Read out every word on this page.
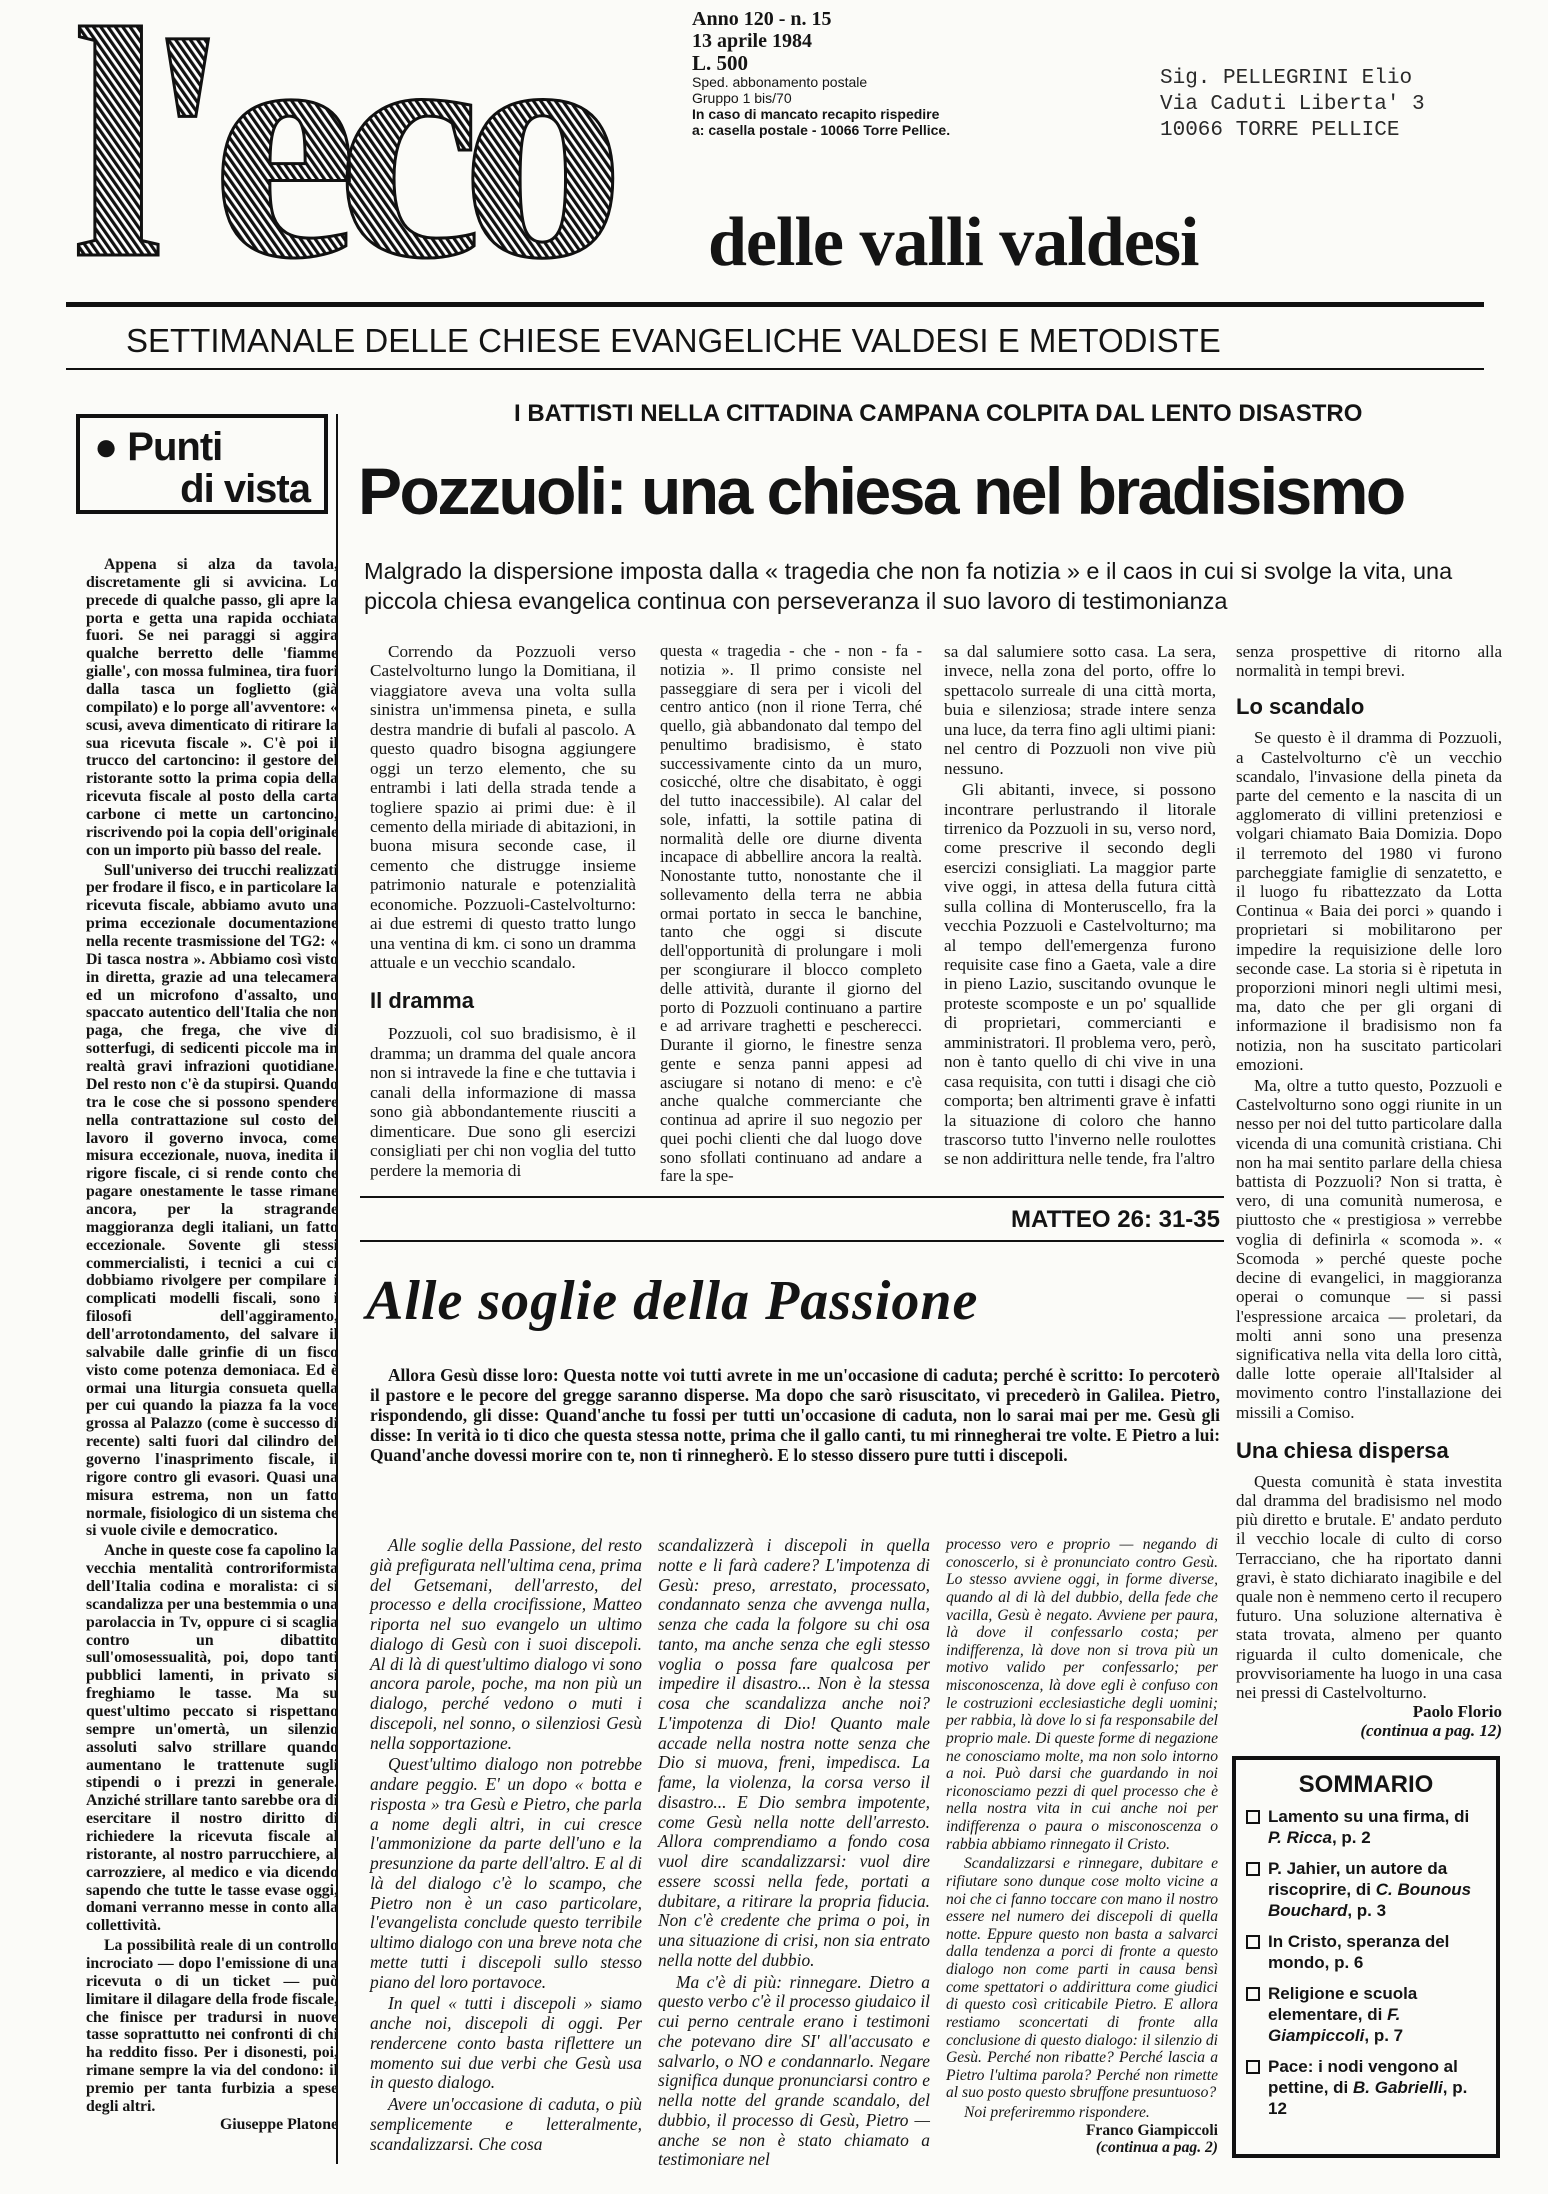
l'eco	Anno 120 - n. 15
13 aprile 1984
L. 500
Sped. abbonamento postale
Gruppo 1 bis/70
In caso di mancato recapito rispedire
a: casella postale - 10066 Torre Pellice.
Sig. PELLEGRINI Elio
Via Caduti Liberta' 3
10066 TORRE PELLICE
delle valli valdesi
SETTIMANALE DELLE CHIESE EVANGELICHE VALDESI E METODISTE
● Punti
di vista

Appena si alza da tavola, discretamente gli si avvicina. Lo precede di qualche passo, gli apre la porta e getta una rapida occhiata fuori. Se nei paraggi si aggira qualche berretto delle 'fiamme gialle', con mossa fulminea, tira fuori dalla tasca un foglietto (già compilato) e lo porge all'avventore: « scusi, aveva dimenticato di ritirare la sua ricevuta fiscale ». C'è poi il trucco del cartoncino: il gestore del ristorante sotto la prima copia della ricevuta fiscale al posto della carta carbone ci mette un cartoncino, riscrivendo poi la copia dell'originale con un importo più basso del reale.

Sull'universo dei trucchi realizzati per frodare il fisco, e in particolare la ricevuta fiscale, abbiamo avuto una prima eccezionale documentazione nella recente trasmissione del TG2: « Di tasca nostra ». Abbiamo così visto in diretta, grazie ad una telecamera ed un microfono d'assalto, uno spaccato autentico dell'Italia che non paga, che frega, che vive di sotterfugi, di sedicenti piccole ma in realtà gravi infrazioni quotidiane. Del resto non c'è da stupirsi. Quando tra le cose che si possono spendere nella contrattazione sul costo del lavoro il governo invoca, come misura eccezionale, nuova, inedita il rigore fiscale, ci si rende conto che pagare onestamente le tasse rimane ancora, per la stragrande maggioranza degli italiani, un fatto eccezionale. Sovente gli stessi commercialisti, i tecnici a cui ci dobbiamo rivolgere per compilare i complicati modelli fiscali, sono i filosofi dell'aggiramento, dell'arrotondamento, del salvare il salvabile dalle grinfie di un fisco visto come potenza demoniaca. Ed è ormai una liturgia consueta quella per cui quando la piazza fa la voce grossa al Palazzo (come è successo di recente) salti fuori dal cilindro del governo l'inasprimento fiscale, il rigore contro gli evasori. Quasi una misura estrema, non un fatto normale, fisiologico di un sistema che si vuole civile e democratico.

Anche in queste cose fa capolino la vecchia mentalità controriformista dell'Italia codina e moralista: ci si scandalizza per una bestemmia o una parolaccia in Tv, oppure ci si scaglia contro un dibattito sull'omosessualità, poi, dopo tanti pubblici lamenti, in privato si freghiamo le tasse. Ma su quest'ultimo peccato si rispettano sempre un'omertà, un silenzio assoluti salvo strillare quando aumentano le trattenute sugli stipendi o i prezzi in generale. Anziché strillare tanto sarebbe ora di esercitare il nostro diritto di richiedere la ricevuta fiscale al ristorante, al nostro parrucchiere, al carrozziere, al medico e via dicendo sapendo che tutte le tasse evase oggi, domani verranno messe in conto alla collettività.

La possibilità reale di un controllo incrociato — dopo l'emissione di una ricevuta o di un ticket — può limitare il dilagare della frode fiscale, che finisce per tradursi in nuove tasse soprattutto nei confronti di chi ha reddito fisso. Per i disonesti, poi, rimane sempre la via del condono: il premio per tanta furbizia a spese degli altri.

Giuseppe Platone
I BATTISTI NELLA CITTADINA CAMPANA COLPITA DAL LENTO DISASTRO
Pozzuoli: una chiesa nel bradisismo
Malgrado la dispersione imposta dalla « tragedia che non fa notizia » e il caos in cui si svolge la vita, una piccola chiesa evangelica continua con perseveranza il suo lavoro di testimonianza

Correndo da Pozzuoli verso Castelvolturno lungo la Domitiana, il viaggiatore aveva una volta sulla sinistra un'immensa pineta, e sulla destra mandrie di bufali al pascolo. A questo quadro bisogna aggiungere oggi un terzo elemento, che su entrambi i lati della strada tende a togliere spazio ai primi due: è il cemento della miriade di abitazioni, in buona misura seconde case, il cemento che distrugge insieme patrimonio naturale e potenzialità economiche. Pozzuoli-Castelvolturno: ai due estremi di questo tratto lungo una ventina di km. ci sono un dramma attuale e un vecchio scandalo.

Il dramma

Pozzuoli, col suo bradisismo, è il dramma; un dramma del quale ancora non si intravede la fine e che tuttavia i canali della informazione di massa sono già abbondantemente riusciti a dimenticare. Due sono gli esercizi consigliati per chi non voglia del tutto perdere la memoria di

questa « tragedia - che - non - fa - notizia ». Il primo consiste nel passeggiare di sera per i vicoli del centro antico (non il rione Terra, ché quello, già abbandonato dal tempo del penultimo bradisismo, è stato successivamente cinto da un muro, cosicché, oltre che disabitato, è oggi del tutto inaccessibile). Al calar del sole, infatti, la sottile patina di normalità delle ore diurne diventa incapace di abbellire ancora la realtà. Nonostante tutto, nonostante che il sollevamento della terra ne abbia ormai portato in secca le banchine, tanto che oggi si discute dell'opportunità di prolungare i moli per scongiurare il blocco completo delle attività, durante il giorno del porto di Pozzuoli continuano a partire e ad arrivare traghetti e pescherecci. Durante il giorno, le finestre senza gente e senza panni appesi ad asciugare si notano di meno: e c'è anche qualche commerciante che continua ad aprire il suo negozio per quei pochi clienti che dal luogo dove sono sfollati continuano ad andare a fare la spe-

sa dal salumiere sotto casa. La sera, invece, nella zona del porto, offre lo spettacolo surreale di una città morta, buia e silenziosa; strade intere senza una luce, da terra fino agli ultimi piani: nel centro di Pozzuoli non vive più nessuno.

Gli abitanti, invece, si possono incontrare perlustrando il litorale tirrenico da Pozzuoli in su, verso nord, come prescrive il secondo degli esercizi consigliati. La maggior parte vive oggi, in attesa della futura città sulla collina di Monteruscello, fra la vecchia Pozzuoli e Castelvolturno; ma al tempo dell'emergenza furono requisite case fino a Gaeta, vale a dire in pieno Lazio, suscitando ovunque le proteste scomposte e un po' squallide di proprietari, commercianti e amministratori. Il problema vero, però, non è tanto quello di chi vive in una casa requisita, con tutti i disagi che ciò comporta; ben altrimenti grave è infatti la situazione di coloro che hanno trascorso tutto l'inverno nelle roulottes se non addirittura nelle tende, fra l'altro

senza prospettive di ritorno alla normalità in tempi brevi.

Lo scandalo

Se questo è il dramma di Pozzuoli, a Castelvolturno c'è un vecchio scandalo, l'invasione della pineta da parte del cemento e la nascita di un agglomerato di villini pretenziosi e volgari chiamato Baia Domizia. Dopo il terremoto del 1980 vi furono parcheggiate famiglie di senzatetto, e il luogo fu ribattezzato da Lotta Continua « Baia dei porci » quando i proprietari si mobilitarono per impedire la requisizione delle loro seconde case. La storia si è ripetuta in proporzioni minori negli ultimi mesi, ma, dato che per gli organi di informazione il bradisismo non fa notizia, non ha suscitato particolari emozioni.

Ma, oltre a tutto questo, Pozzuoli e Castelvolturno sono oggi riunite in un nesso per noi del tutto particolare dalla vicenda di una comunità cristiana. Chi non ha mai sentito parlare della chiesa battista di Pozzuoli? Non si tratta, è vero, di una comunità numerosa, e piuttosto che « prestigiosa » verrebbe voglia di definirla « scomoda ». « Scomoda » perché queste poche decine di evangelici, in maggioranza operai o comunque — si passi l'espressione arcaica — proletari, da molti anni sono una presenza significativa nella vita della loro città, dalle lotte operaie all'Italsider al movimento contro l'installazione dei missili a Comiso.

Una chiesa dispersa

Questa comunità è stata investita dal dramma del bradisismo nel modo più diretto e brutale. E' andato perduto il vecchio locale di culto di corso Terracciano, che ha riportato danni gravi, è stato dichiarato inagibile e del quale non è nemmeno certo il recupero futuro. Una soluzione alternativa è stata trovata, almeno per quanto riguarda il culto domenicale, che provvisoriamente ha luogo in una casa nei pressi di Castelvolturno.

Paolo Florio
(continua a pag. 12)
MATTEO 26: 31-35
Alle soglie della Passione

Allora Gesù disse loro: Questa notte voi tutti avrete in me un'occasione di caduta; perché è scritto: Io percoterò il pastore e le pecore del gregge saranno disperse. Ma dopo che sarò risuscitato, vi precederò in Galilea. Pietro, rispondendo, gli disse: Quand'anche tu fossi per tutti un'occasione di caduta, non lo sarai mai per me. Gesù gli disse: In verità io ti dico che questa stessa notte, prima che il gallo canti, tu mi rinnegherai tre volte. E Pietro a lui: Quand'anche dovessi morire con te, non ti rinnegherò. E lo stesso dissero pure tutti i discepoli.

Alle soglie della Passione, del resto già prefigurata nell'ultima cena, prima del Getsemani, dell'arresto, del processo e della crocifissione, Matteo riporta nel suo evangelo un ultimo dialogo di Gesù con i suoi discepoli. Al di là di quest'ultimo dialogo vi sono ancora parole, poche, ma non più un dialogo, perché vedono o muti i discepoli, nel sonno, o silenziosi Gesù nella sopportazione.

Quest'ultimo dialogo non potrebbe andare peggio. E' un dopo « botta e risposta » tra Gesù e Pietro, che parla a nome degli altri, in cui cresce l'ammonizione da parte dell'uno e la presunzione da parte dell'altro. E al di là del dialogo c'è lo scampo, che Pietro non è un caso particolare, l'evangelista conclude questo terribile ultimo dialogo con una breve nota che mette tutti i discepoli sullo stesso piano del loro portavoce.

In quel « tutti i discepoli » siamo anche noi, discepoli di oggi. Per rendercene conto basta riflettere un momento sui due verbi che Gesù usa in questo dialogo.

Avere un'occasione di caduta, o più semplicemente e letteralmente, scandalizzarsi. Che cosa

scandalizzerà i discepoli in quella notte e li farà cadere? L'impotenza di Gesù: preso, arrestato, processato, condannato senza che avvenga nulla, senza che cada la folgore su chi osa tanto, ma anche senza che egli stesso voglia o possa fare qualcosa per impedire il disastro... Non è la stessa cosa che scandalizza anche noi? L'impotenza di Dio! Quanto male accade nella nostra notte senza che Dio si muova, freni, impedisca. La fame, la violenza, la corsa verso il disastro... E Dio sembra impotente, come Gesù nella notte dell'arresto. Allora comprendiamo a fondo cosa vuol dire scandalizzarsi: vuol dire essere scossi nella fede, portati a dubitare, a ritirare la propria fiducia. Non c'è credente che prima o poi, in una situazione di crisi, non sia entrato nella notte del dubbio.

Ma c'è di più: rinnegare. Dietro a questo verbo c'è il processo giudaico il cui perno centrale erano i testimoni che potevano dire SI' all'accusato e salvarlo, o NO e condannarlo. Negare significa dunque pronunciarsi contro e nella notte del grande scandalo, del dubbio, il processo di Gesù, Pietro — anche se non è stato chiamato a testimoniare nel

processo vero e proprio — negando di conoscerlo, si è pronunciato contro Gesù. Lo stesso avviene oggi, in forme diverse, quando al di là del dubbio, della fede che vacilla, Gesù è negato. Avviene per paura, là dove il confessarlo costa; per indifferenza, là dove non si trova più un motivo valido per confessarlo; per misconoscenza, là dove egli è confuso con le costruzioni ecclesiastiche degli uomini; per rabbia, là dove lo si fa responsabile del proprio male. Di queste forme di negazione ne conosciamo molte, ma non solo intorno a noi. Può darsi che guardando in noi riconosciamo pezzi di quel processo che è nella nostra vita in cui anche noi per indifferenza o paura o misconoscenza o rabbia abbiamo rinnegato il Cristo.

Scandalizzarsi e rinnegare, dubitare e rifiutare sono dunque cose molto vicine a noi che ci fanno toccare con mano il nostro essere nel numero dei discepoli di quella notte. Eppure questo non basta a salvarci dalla tendenza a porci di fronte a questo dialogo non come parti in causa bensì come spettatori o addirittura come giudici di questo così criticabile Pietro. E allora restiamo sconcertati di fronte alla conclusione di questo dialogo: il silenzio di Gesù. Perché non ribatte? Perché lascia a Pietro l'ultima parola? Perché non rimette al suo posto questo sbruffone presuntuoso?

Noi preferiremmo rispondere.

Franco Giampiccoli
(continua a pag. 2)
SOMMARIO
Lamento su una firma, di P. Ricca, p. 2
P. Jahier, un autore da riscoprire, di C. Bounous Bouchard, p. 3
In Cristo, speranza del mondo, p. 6
Religione e scuola elementare, di F. Giampiccoli, p. 7
Pace: i nodi vengono al pettine, di B. Gabrielli, p. 12
